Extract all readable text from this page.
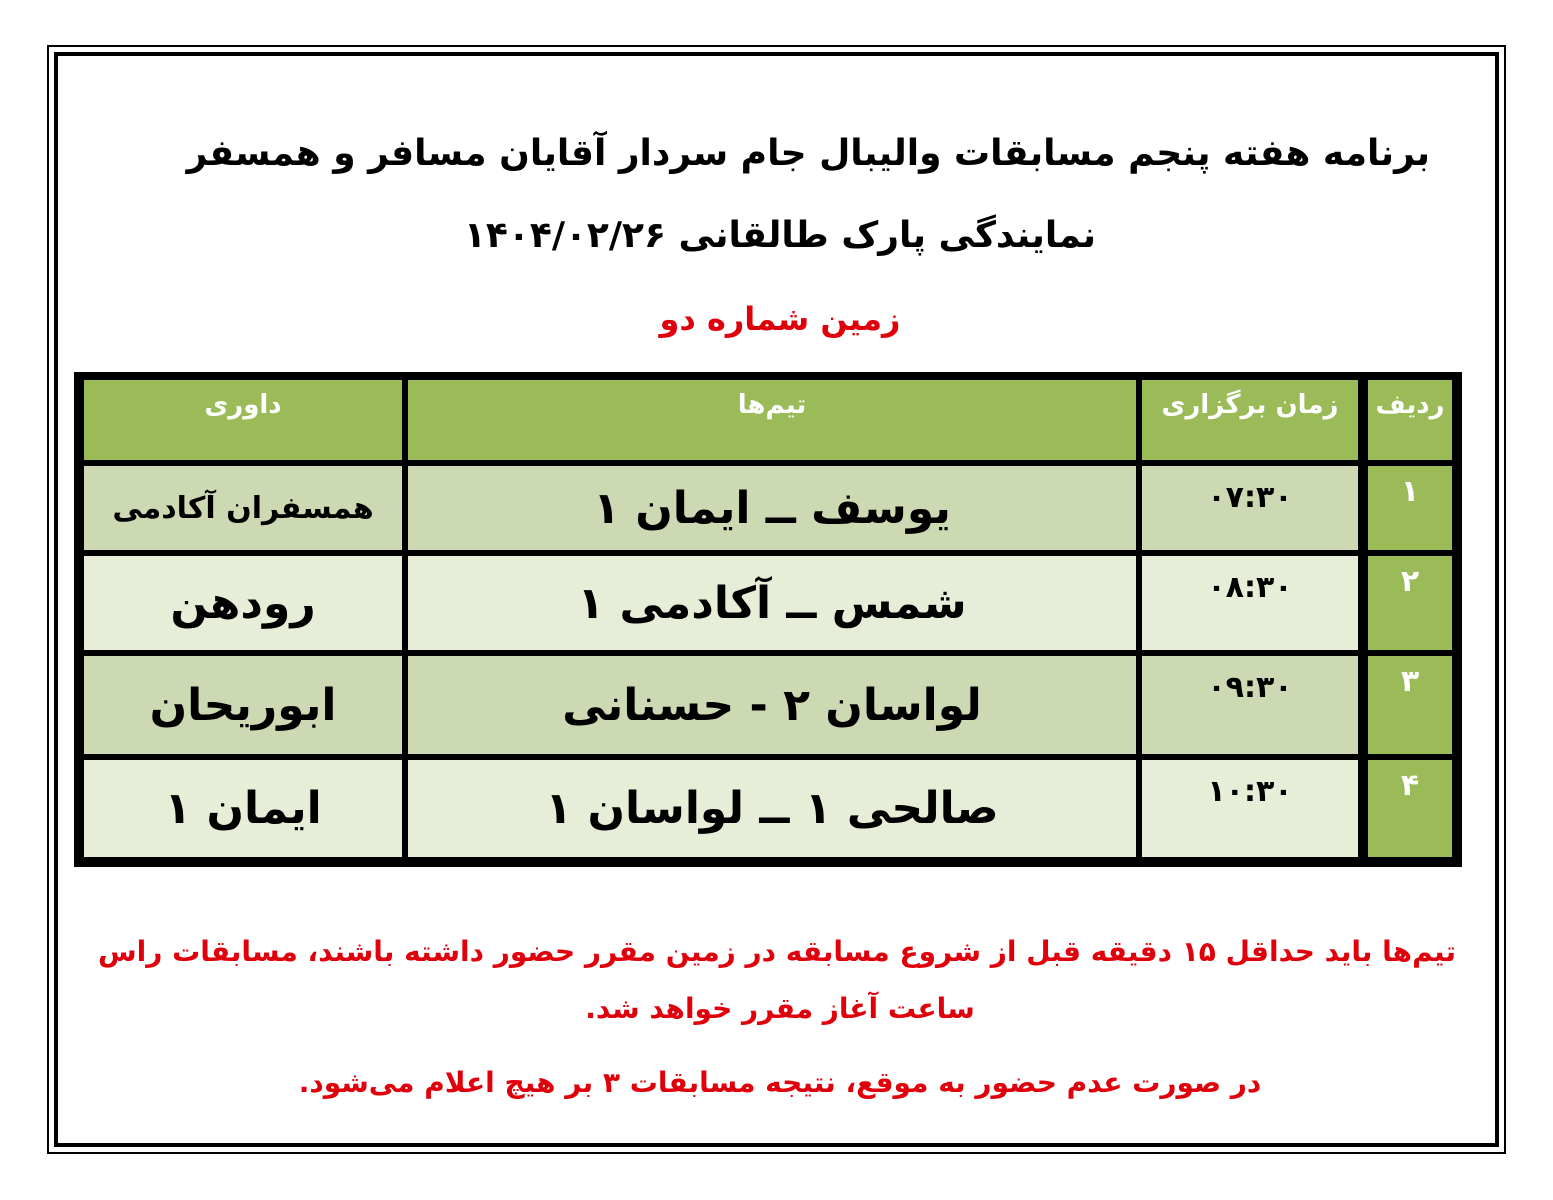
برنامه هفته پنجم مسابقات والیبال جام سردار آقایان مسافر و همسفر
نمایندگی پارک طالقانی ۱۴۰۴/۰۲/۲۶
زمین شماره دو
ردیف
زمان برگزاری
تیم‌ها
داوری
۱
۰۷:۳۰
یوسف ــ ایمان ۱
همسفران آکادمی
۲
۰۸:۳۰
شمس ــ آکادمی ۱
رودهن
۳
۰۹:۳۰
لواسان ۲ - حسنانی
ابوریحان
۴
۱۰:۳۰
صالحی ۱ ــ لواسان ۱
ایمان ۱
تیم‌ها باید حداقل ۱۵ دقیقه قبل از شروع مسابقه در زمین مقرر حضور داشته باشند، مسابقات راس
ساعت آغاز مقرر خواهد شد.
در صورت عدم حضور به موقع، نتیجه مسابقات ۳ بر هیچ اعلام می‌شود.
